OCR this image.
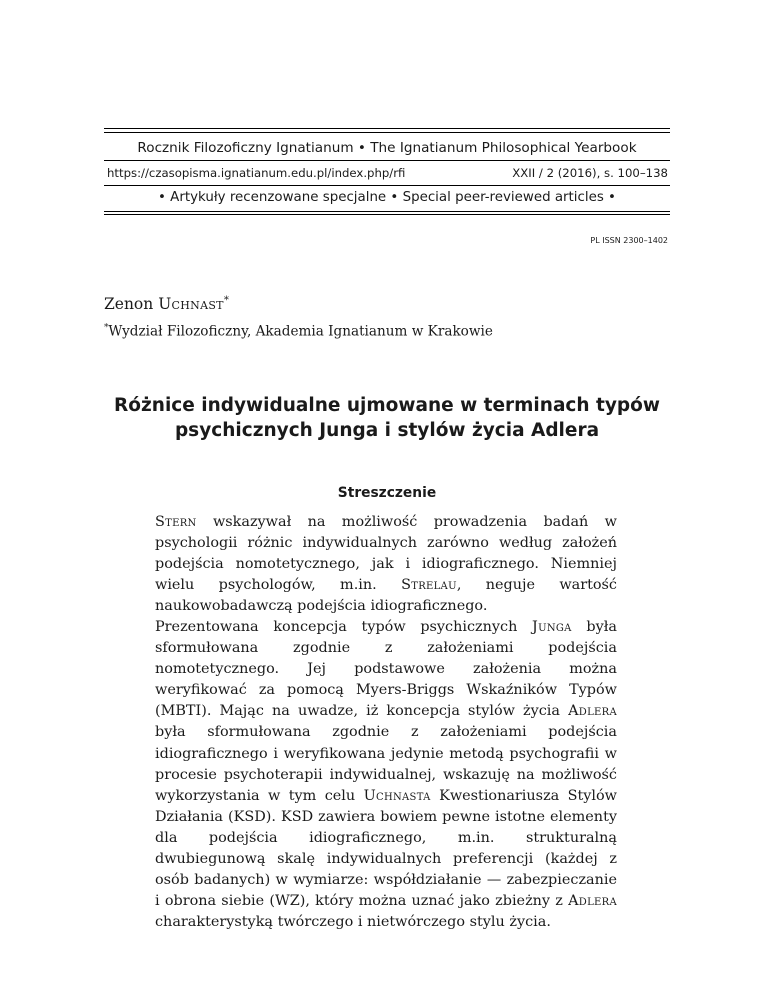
Rocznik Filozoficzny Ignatianum • The Ignatianum Philosophical Yearbook
https://czasopisma.ignatianum.edu.pl/index.php/rfi	XXII / 2 (2016), s. 100–138
• Artykuły recenzowane specjalne • Special peer-reviewed articles •
PL ISSN 2300–1402
Zenon Uchnast*
*Wydział Filozoficzny, Akademia Ignatianum w Krakowie
Różnice indywidualne ujmowane w terminach typów psychicznych Junga i stylów życia Adlera
Streszczenie
Stern wskazywał na możliwość prowadzenia badań w psychologii różnic indywidualnych zarówno według założeń podejścia nomotetycznego, jak i idiograficznego. Niemniej wielu psychologów, m.in. Strelau, neguje wartość naukowobadawczą podejścia idiograficznego.
Prezentowana koncepcja typów psychicznych Junga była sformułowana zgodnie z założeniami podejścia nomotetycznego. Jej podstawowe założenia można weryfikować za pomocą Myers-Briggs Wskaźników Typów (MBTI). Mając na uwadze, iż koncepcja stylów życia Adlera była sformułowana zgodnie z założeniami podejścia idiograficznego i weryfikowana jedynie metodą psychografii w procesie psychoterapii indywidualnej, wskazuję na możliwość wykorzystania w tym celu Uchnasta Kwestionariusza Stylów Działania (KSD). KSD zawiera bowiem pewne istotne elementy dla podejścia idiograficznego, m.in. strukturalną dwubiegunową skalę indywidualnych preferencji (każdej z osób badanych) w wymiarze: współdziałanie — zabezpieczanie i obrona siebie (WZ), który można uznać jako zbieżny z Adlera charakterystyką twórczego i nietwórczego stylu życia.
